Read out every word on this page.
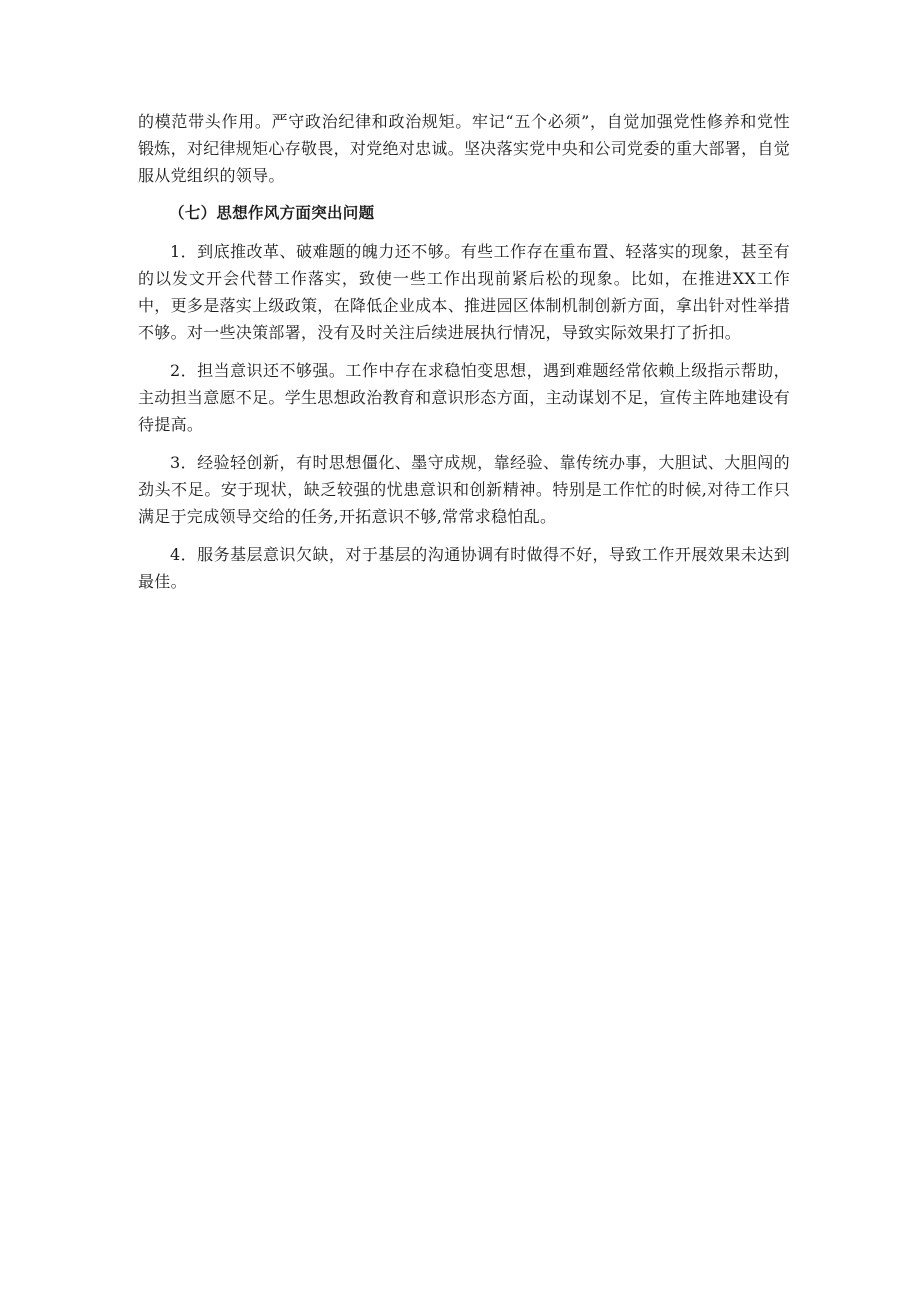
的模范带头作用。严守政治纪律和政治规矩。牢记“五个必须”，自觉加强党性修养和党性锻炼，对纪律规矩心存敬畏，对党绝对忠诚。坚决落实党中央和公司党委的重大部署，自觉服从党组织的领导。

（七）思想作风方面突出问题

1．到底推改革、破难题的魄力还不够。有些工作存在重布置、轻落实的现象，甚至有的以发文开会代替工作落实，致使一些工作出现前紧后松的现象。比如，在推进XX工作中，更多是落实上级政策，在降低企业成本、推进园区体制机制创新方面，拿出针对性举措不够。对一些决策部署，没有及时关注后续进展执行情况，导致实际效果打了折扣。

2．担当意识还不够强。工作中存在求稳怕变思想，遇到难题经常依赖上级指示帮助，主动担当意愿不足。学生思想政治教育和意识形态方面，主动谋划不足，宣传主阵地建设有待提高。

3．经验轻创新，有时思想僵化、墨守成规，靠经验、靠传统办事，大胆试、大胆闯的劲头不足。安于现状，缺乏较强的忧患意识和创新精神。特别是工作忙的时候,对待工作只满足于完成领导交给的任务,开拓意识不够,常常求稳怕乱。

4．服务基层意识欠缺，对于基层的沟通协调有时做得不好，导致工作开展效果未达到最佳。
